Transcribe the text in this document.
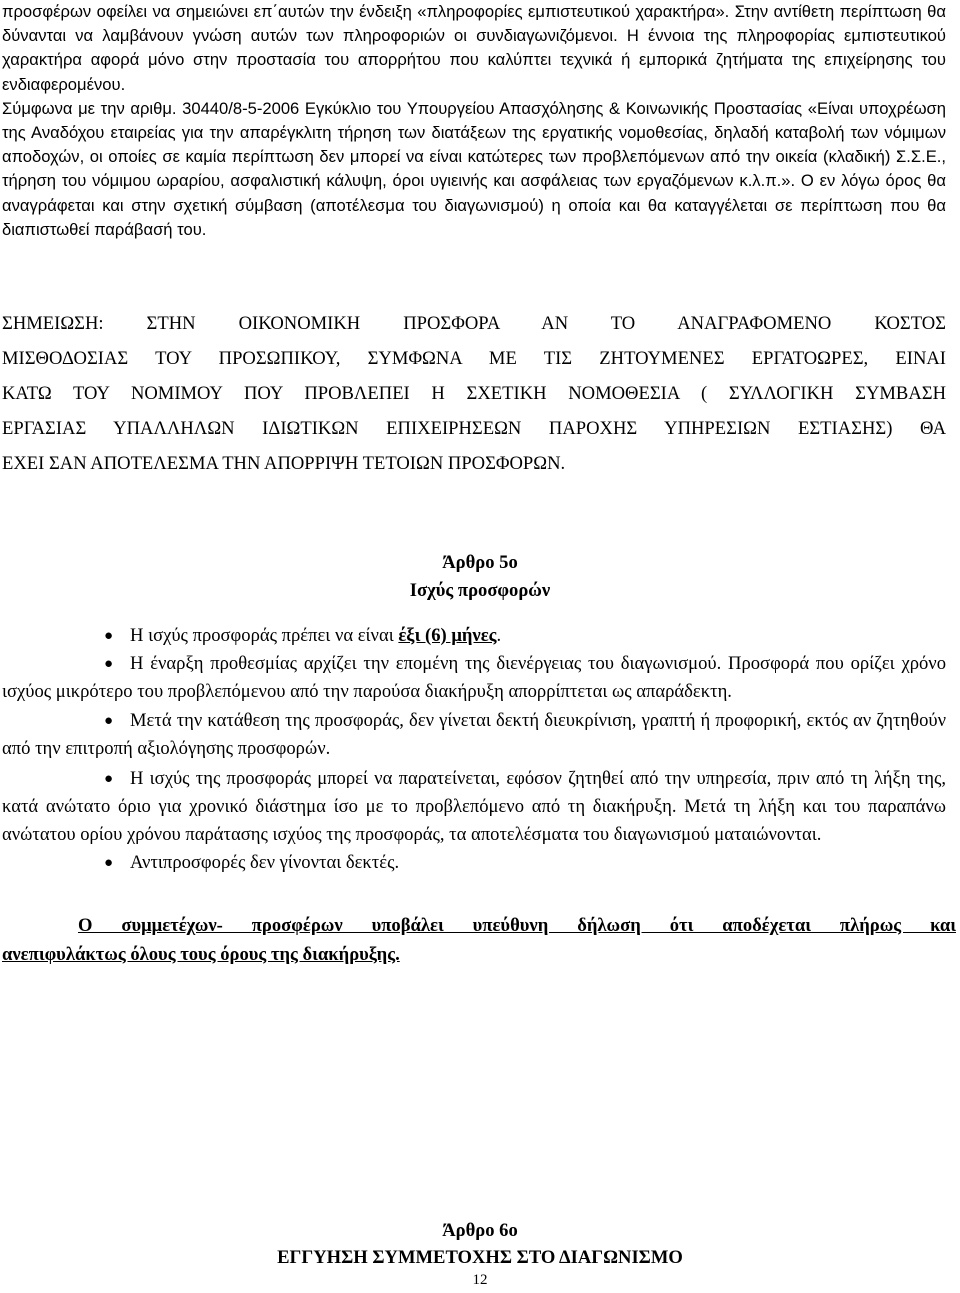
προσφέρων οφείλει να σημειώνει επ΄αυτών την ένδειξη «πληροφορίες εμπιστευτικού χαρακτήρα». Στην αντίθετη περίπτωση θα δύνανται να λαμβάνουν γνώση αυτών των πληροφοριών οι συνδιαγωνιζόμενοι. Η έννοια της πληροφορίας εμπιστευτικού χαρακτήρα αφορά μόνο στην προστασία του απορρήτου που καλύπτει τεχνικά ή εμπορικά ζητήματα της επιχείρησης του ενδιαφερομένου.

Σύμφωνα με την αριθμ. 30440/8-5-2006 Εγκύκλιο του Υπουργείου Απασχόλησης & Κοινωνικής Προστασίας «Είναι υποχρέωση της Αναδόχου εταιρείας για την απαρέγκλιτη τήρηση των διατάξεων της εργατικής νομοθεσίας, δηλαδή καταβολή των νόμιμων αποδοχών, οι οποίες σε καμία περίπτωση δεν μπορεί να είναι κατώτερες των προβλεπόμενων από την οικεία (κλαδική) Σ.Σ.Ε., τήρηση του νόμιμου ωραρίου, ασφαλιστική κάλυψη, όροι υγιεινής και ασφάλειας των εργαζόμενων κ.λ.π.». Ο εν λόγω όρος θα αναγράφεται και στην σχετική σύμβαση (αποτέλεσμα του διαγωνισμού) η οποία και θα καταγγέλεται σε περίπτωση που θα διαπιστωθεί παράβασή του.

ΣΗΜΕΙΩΣΗ: ΣΤΗΝ ΟΙΚΟΝΟΜΙΚΗ ΠΡΟΣΦΟΡΑ ΑΝ ΤΟ ΑΝΑΓΡΑΦΟΜΕΝΟ ΚΟΣΤΟΣ

ΜΙΣΘΟΔΟΣΙΑΣ ΤΟΥ ΠΡΟΣΩΠΙΚΟΥ, ΣΥΜΦΩΝΑ ΜΕ ΤΙΣ ΖΗΤΟΥΜΕΝΕΣ ΕΡΓΑΤΟΩΡΕΣ, ΕΙΝΑΙ

ΚΑΤΩ ΤΟΥ ΝΟΜΙΜΟΥ ΠΟΥ ΠΡΟΒΛΕΠΕΙ Η ΣΧΕΤΙΚΗ ΝΟΜΟΘΕΣΙΑ ( ΣΥΛΛΟΓΙΚΗ ΣΥΜΒΑΣΗ

ΕΡΓΑΣΙΑΣ ΥΠΑΛΛΗΛΩΝ ΙΔΙΩΤΙΚΩΝ ΕΠΙΧΕΙΡΗΣΕΩΝ ΠΑΡΟΧΗΣ ΥΠΗΡΕΣΙΩΝ ΕΣΤΙΑΣΗΣ) ΘΑ

ΕΧΕΙ ΣΑΝ ΑΠΟΤΕΛΕΣΜΑ ΤΗΝ ΑΠΟΡΡΙΨΗ ΤΕΤΟΙΩΝ ΠΡΟΣΦΟΡΩΝ.

Άρθρο 5ο

Ισχύς προσφορών

● Η ισχύς προσφοράς πρέπει να είναι έξι (6) μήνες.
● Η έναρξη προθεσμίας αρχίζει την επομένη της διενέργειας του διαγωνισμού. Προσφορά που ορίζει χρόνο ισχύος μικρότερο του προβλεπόμενου από την παρούσα διακήρυξη απορρίπτεται ως απαράδεκτη.
● Μετά την κατάθεση της προσφοράς, δεν γίνεται δεκτή διευκρίνιση, γραπτή ή προφορική, εκτός αν ζητηθούν από την επιτροπή αξιολόγησης προσφορών.
● Η ισχύς της προσφοράς μπορεί να παρατείνεται, εφόσον ζητηθεί από την υπηρεσία, πριν από τη λήξη της, κατά ανώτατο όριο για χρονικό διάστημα ίσο με το προβλεπόμενο από τη διακήρυξη. Μετά τη λήξη και του παραπάνω ανώτατου ορίου χρόνου παράτασης ισχύος της προσφοράς, τα αποτελέσματα του διαγωνισμού ματαιώνονται.
● Αντιπροσφορές δεν γίνονται δεκτές.

Ο συμμετέχων- προσφέρων υποβάλει υπεύθυνη δήλωση ότι αποδέχεται πλήρως και

ανεπιφυλάκτως όλους τους όρους της διακήρυξης.

Άρθρο 6ο

ΕΓΓΥΗΣΗ ΣΥΜΜΕΤΟΧΗΣ ΣΤΟ ΔΙΑΓΩΝΙΣΜΟ

12
